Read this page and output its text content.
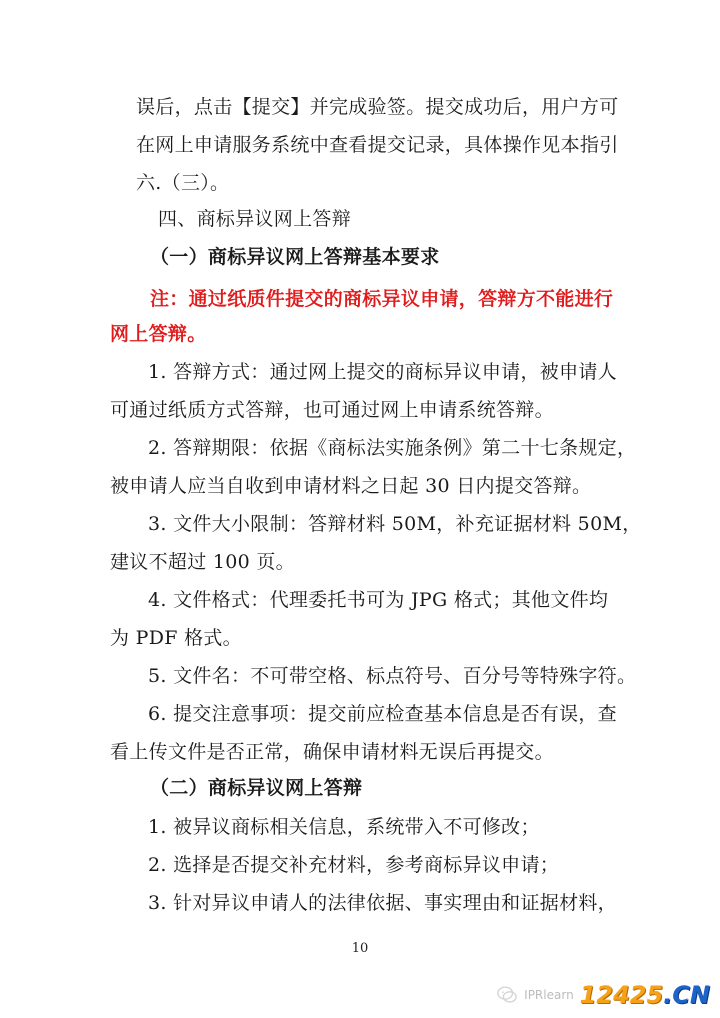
误后，点击【提交】并完成验签。提交成功后，用户方可
在网上申请服务系统中查看提交记录，具体操作见本指引
六.（三）。
四、商标异议网上答辩
（一）商标异议网上答辩基本要求
注：通过纸质件提交的商标异议申请，答辩方不能进行
网上答辩。
1. 答辩方式：通过网上提交的商标异议申请，被申请人
可通过纸质方式答辩，也可通过网上申请系统答辩。
2. 答辩期限：依据《商标法实施条例》第二十七条规定，
被申请人应当自收到申请材料之日起 30 日内提交答辩。
3. 文件大小限制：答辩材料 50M，补充证据材料 50M，
建议不超过 100 页。
4. 文件格式：代理委托书可为 JPG 格式；其他文件均
为 PDF 格式。
5. 文件名：不可带空格、标点符号、百分号等特殊字符。
6. 提交注意事项：提交前应检查基本信息是否有误，查
看上传文件是否正常，确保申请材料无误后再提交。
（二）商标异议网上答辩
1. 被异议商标相关信息，系统带入不可修改；
2. 选择是否提交补充材料，参考商标异议申请；
3. 针对异议申请人的法律依据、事实理由和证据材料，
10
IPRlearn 12425.CN
